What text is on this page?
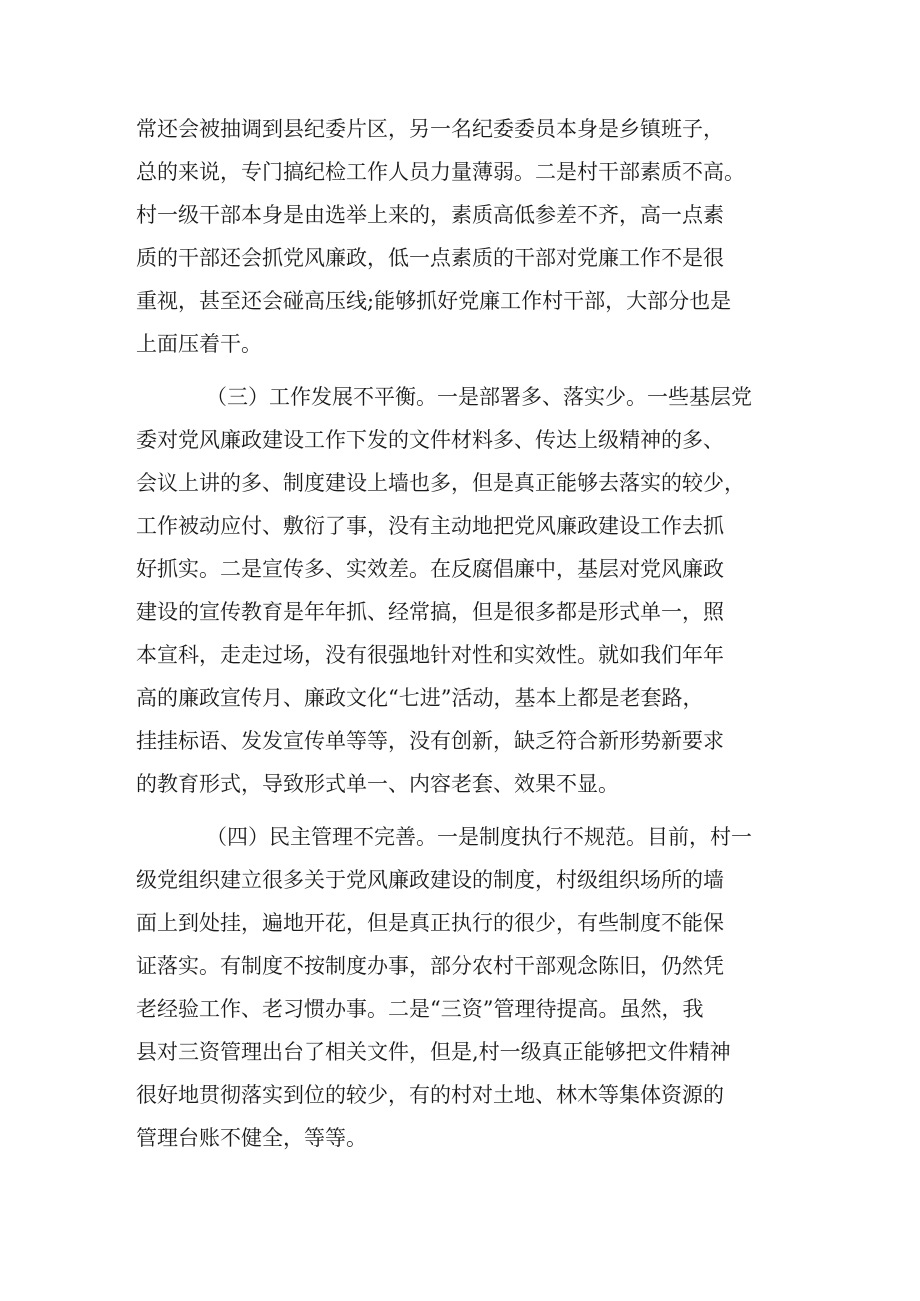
常还会被抽调到县纪委片区，另一名纪委委员本身是乡镇班子，
总的来说，专门搞纪检工作人员力量薄弱。二是村干部素质不高。
村一级干部本身是由选举上来的，素质高低参差不齐，高一点素
质的干部还会抓党风廉政，低一点素质的干部对党廉工作不是很
重视，甚至还会碰高压线;能够抓好党廉工作村干部，大部分也是
上面压着干。
（三）工作发展不平衡。一是部署多、落实少。一些基层党
委对党风廉政建设工作下发的文件材料多、传达上级精神的多、
会议上讲的多、制度建设上墙也多，但是真正能够去落实的较少，
工作被动应付、敷衍了事，没有主动地把党风廉政建设工作去抓
好抓实。二是宣传多、实效差。在反腐倡廉中，基层对党风廉政
建设的宣传教育是年年抓、经常搞，但是很多都是形式单一，照
本宣科，走走过场，没有很强地针对性和实效性。就如我们年年
高的廉政宣传月、廉政文化“七进”活动，基本上都是老套路，
挂挂标语、发发宣传单等等，没有创新，缺乏符合新形势新要求
的教育形式，导致形式单一、内容老套、效果不显。
（四）民主管理不完善。一是制度执行不规范。目前，村一
级党组织建立很多关于党风廉政建设的制度，村级组织场所的墙
面上到处挂，遍地开花，但是真正执行的很少，有些制度不能保
证落实。有制度不按制度办事，部分农村干部观念陈旧，仍然凭
老经验工作、老习惯办事。二是“三资”管理待提高。虽然，我
县对三资管理出台了相关文件，但是,村一级真正能够把文件精神
很好地贯彻落实到位的较少，有的村对土地、林木等集体资源的
管理台账不健全，等等。
